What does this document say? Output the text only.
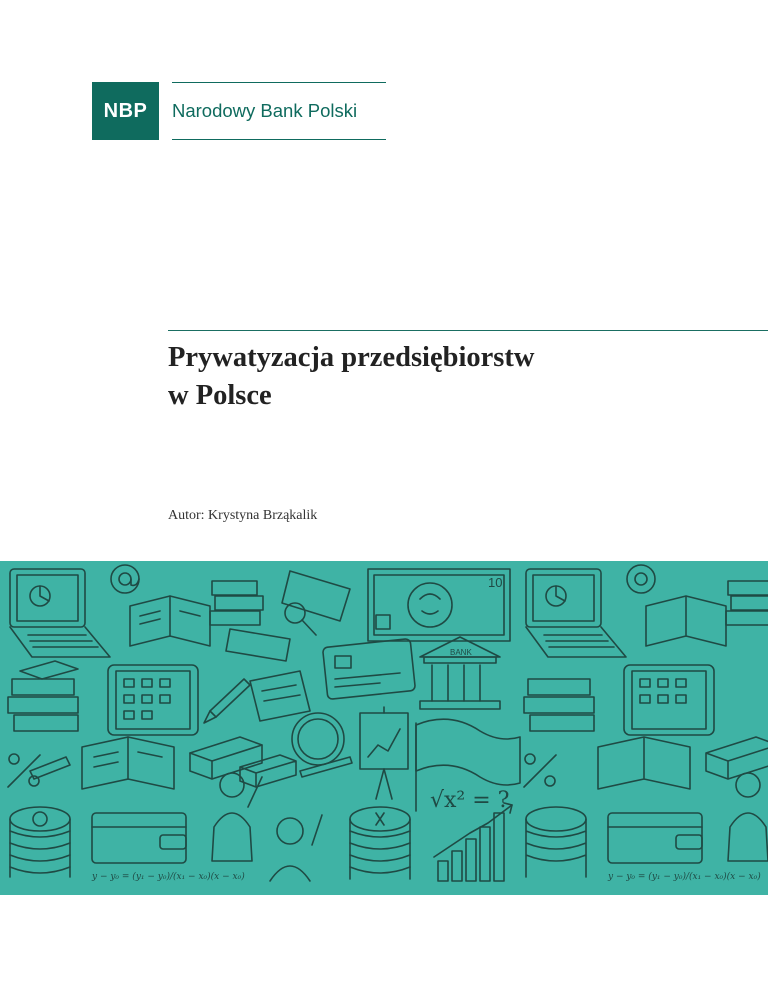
NBP	Narodowy Bank Polski
Prywatyzacja przedsiębiorstw
w Polsce
Autor: Krystyna Brząkalik
10
BANK
√x² = ?
y − y₀ = (y₁ − y₀)/(x₁ − x₀)(x − x₀)	y − y₀ = (y₁ − y₀)/(x₁ − x₀)(x − x₀)
